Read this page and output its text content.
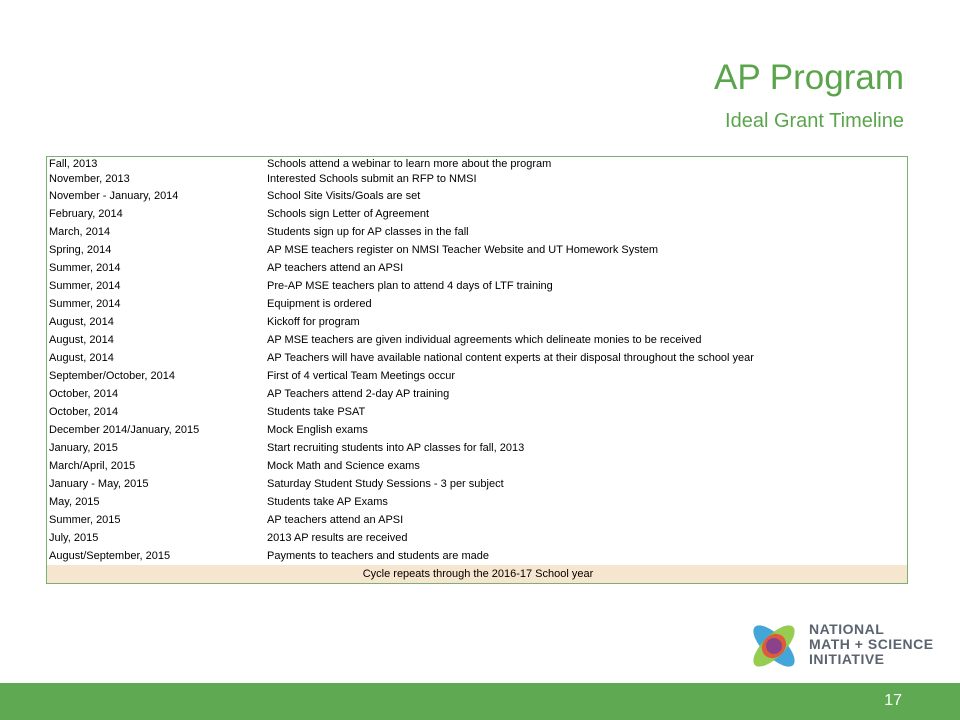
AP Program
Ideal Grant Timeline
Fall, 2013	Schools attend a webinar to learn more about the program
November, 2013	Interested Schools submit an RFP to NMSI
November - January, 2014	School Site Visits/Goals are set
February, 2014	Schools sign Letter of Agreement
March, 2014	Students sign up for AP classes in the fall
Spring, 2014	AP MSE teachers register on NMSI Teacher Website and UT Homework System
Summer, 2014	AP teachers attend an APSI
Summer, 2014	Pre-AP MSE teachers plan to attend 4 days of LTF training
Summer, 2014	Equipment is ordered
August, 2014	Kickoff for program
August, 2014	AP MSE teachers are given individual agreements which delineate monies to be received
August, 2014	AP Teachers will have available national content experts at their disposal throughout the school year
September/October, 2014	First of 4 vertical Team Meetings occur
October, 2014	AP Teachers attend 2-day AP training
October, 2014	Students take PSAT
December 2014/January, 2015	Mock English exams
January, 2015	Start recruiting students into AP classes for fall, 2013
March/April, 2015	Mock Math and Science exams
January - May, 2015	Saturday Student Study Sessions - 3 per subject
May, 2015	Students take AP Exams
Summer, 2015	AP teachers attend an APSI
July, 2015	2013 AP results are received
August/September, 2015	Payments to teachers and students are made
Cycle repeats through the 2016-17 School year	
NATIONAL
MATH + SCIENCE
INITIATIVE
17
